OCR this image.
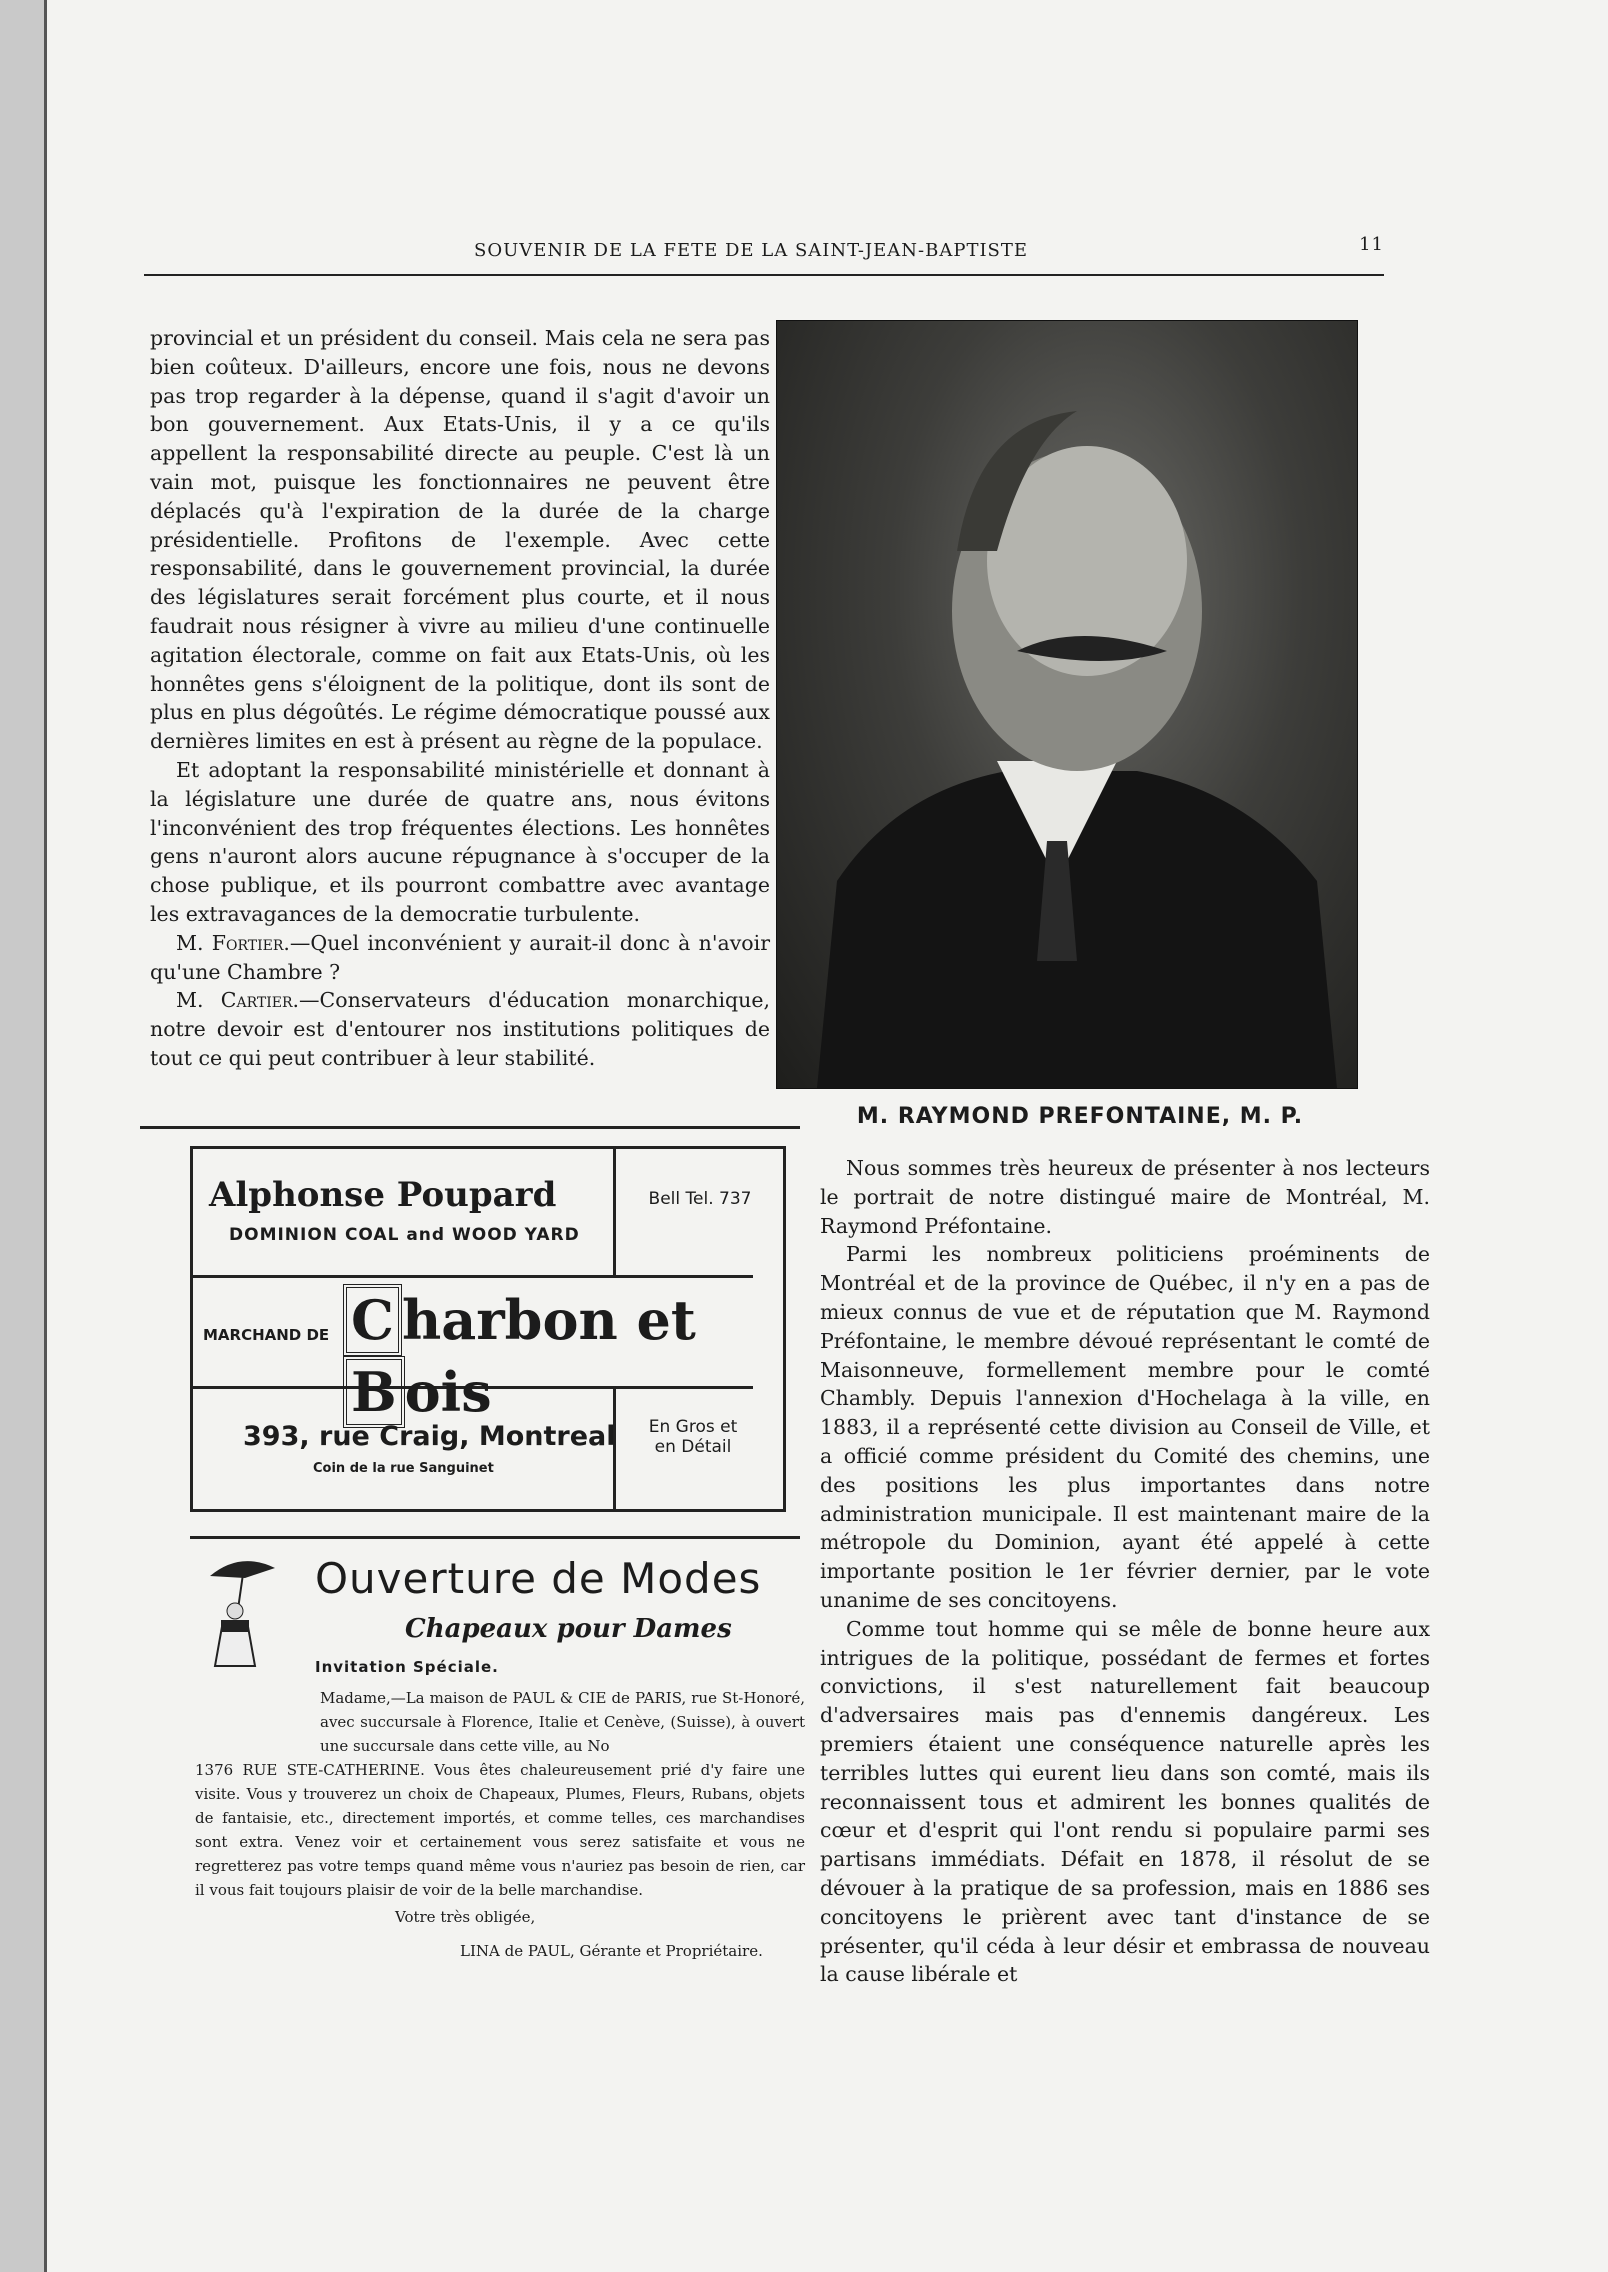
SOUVENIR DE LA FETE DE LA SAINT-JEAN-BAPTISTE	11

provincial et un président du conseil. Mais cela ne sera pas bien coûteux. D'ailleurs, encore une fois, nous ne devons pas trop regarder à la dépense, quand il s'agit d'avoir un bon gouvernement. Aux Etats-Unis, il y a ce qu'ils appellent la responsabilité directe au peuple. C'est là un vain mot, puisque les fonctionnaires ne peuvent être déplacés qu'à l'expiration de la durée de la charge présidentielle. Profitons de l'exemple. Avec cette responsabilité, dans le gouvernement provincial, la durée des législatures serait forcément plus courte, et il nous faudrait nous résigner à vivre au milieu d'une continuelle agitation électorale, comme on fait aux Etats-Unis, où les honnêtes gens s'éloignent de la politique, dont ils sont de plus en plus dégoûtés. Le régime démocratique poussé aux dernières limites en est à présent au règne de la populace.

Et adoptant la responsabilité ministérielle et donnant à la législature une durée de quatre ans, nous évitons l'inconvénient des trop fréquentes élections. Les honnêtes gens n'auront alors aucune répugnance à s'occuper de la chose publique, et ils pourront combattre avec avantage les extravagances de la democratie turbulente.

M. Fortier.—Quel inconvénient y aurait-il donc à n'avoir qu'une Chambre ?

M. Cartier.—Conservateurs d'éducation monarchique, notre devoir est d'entourer nos institutions politiques de tout ce qui peut contribuer à leur stabilité.

M. RAYMOND PREFONTAINE, M. P.

Nous sommes très heureux de présenter à nos lecteurs le portrait de notre distingué maire de Montréal, M. Raymond Préfontaine.

Parmi les nombreux politiciens proéminents de Montréal et de la province de Québec, il n'y en a pas de mieux connus de vue et de réputation que M. Raymond Préfontaine, le membre dévoué représentant le comté de Maisonneuve, formellement membre pour le comté Chambly. Depuis l'annexion d'Hochelaga à la ville, en 1883, il a représenté cette division au Conseil de Ville, et a officié comme président du Comité des chemins, une des positions les plus importantes dans notre administration municipale. Il est maintenant maire de la métropole du Dominion, ayant été appelé à cette importante position le 1er février dernier, par le vote unanime de ses concitoyens.

Comme tout homme qui se mêle de bonne heure aux intrigues de la politique, possédant de fermes et fortes convictions, il s'est naturellement fait beaucoup d'adversaires mais pas d'ennemis dangéreux. Les premiers étaient une conséquence naturelle après les terribles luttes qui eurent lieu dans son comté, mais ils reconnaissent tous et admirent les bonnes qualités de cœur et d'esprit qui l'ont rendu si populaire parmi ses partisans immédiats. Défait en 1878, il résolut de se dévouer à la pratique de sa profession, mais en 1886 ses concitoyens le prièrent avec tant d'instance de se présenter, qu'il céda à leur désir et embrassa de nouveau la cause libérale et

Alphonse Poupard
DOMINION COAL and WOOD YARD
Bell Tel. 737
MARCHAND DE C harbon et B ois
393, rue Craig, Montreal
Coin de la rue Sanguinet
En Gros et
en Détail
Ouverture de Modes
Chapeaux pour Dames
Invitation Spéciale.
Madame,—La maison de PAUL & CIE de PARIS, rue St-Honoré, avec succursale à Florence, Italie et Cenève, (Suisse), à ouvert une succursale dans cette ville, au No
1376 RUE STE-CATHERINE. Vous êtes chaleureusement prié d'y faire une visite. Vous y trouverez un choix de Chapeaux, Plumes, Fleurs, Rubans, objets de fantaisie, etc., directement importés, et comme telles, ces marchandises sont extra. Venez voir et certainement vous serez satisfaite et vous ne regretterez pas votre temps quand même vous n'auriez pas besoin de rien, car il vous fait toujours plaisir de voir de la belle marchandise.
Votre très obligée,
LINA de PAUL, Gérante et Propriétaire.
